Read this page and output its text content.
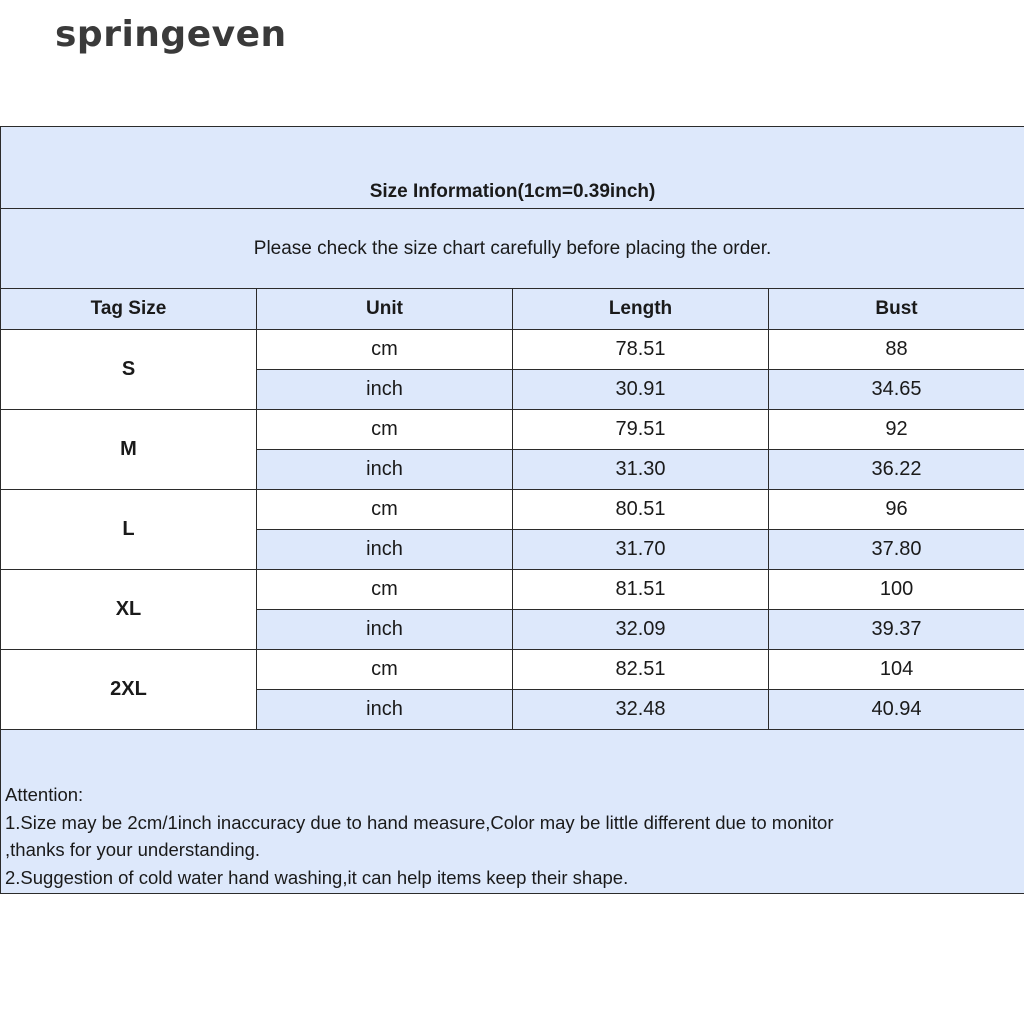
springeven
Size Information(1cm=0.39inch)			
Please check the size chart carefully before placing the order.			
Tag Size	Unit	Length	Bust
S	cm	78.51	88
	inch	30.91	34.65
M	cm	79.51	92
	inch	31.30	36.22
L	cm	80.51	96
	inch	31.70	37.80
XL	cm	81.51	100
	inch	32.09	39.37
2XL	cm	82.51	104
	inch	32.48	40.94

Attention:
1.Size may be 2cm/1inch inaccuracy due to hand measure,Color may be little different due to monitor
,thanks for your understanding.
2.Suggestion of cold water hand washing,it can help items keep their shape.			
